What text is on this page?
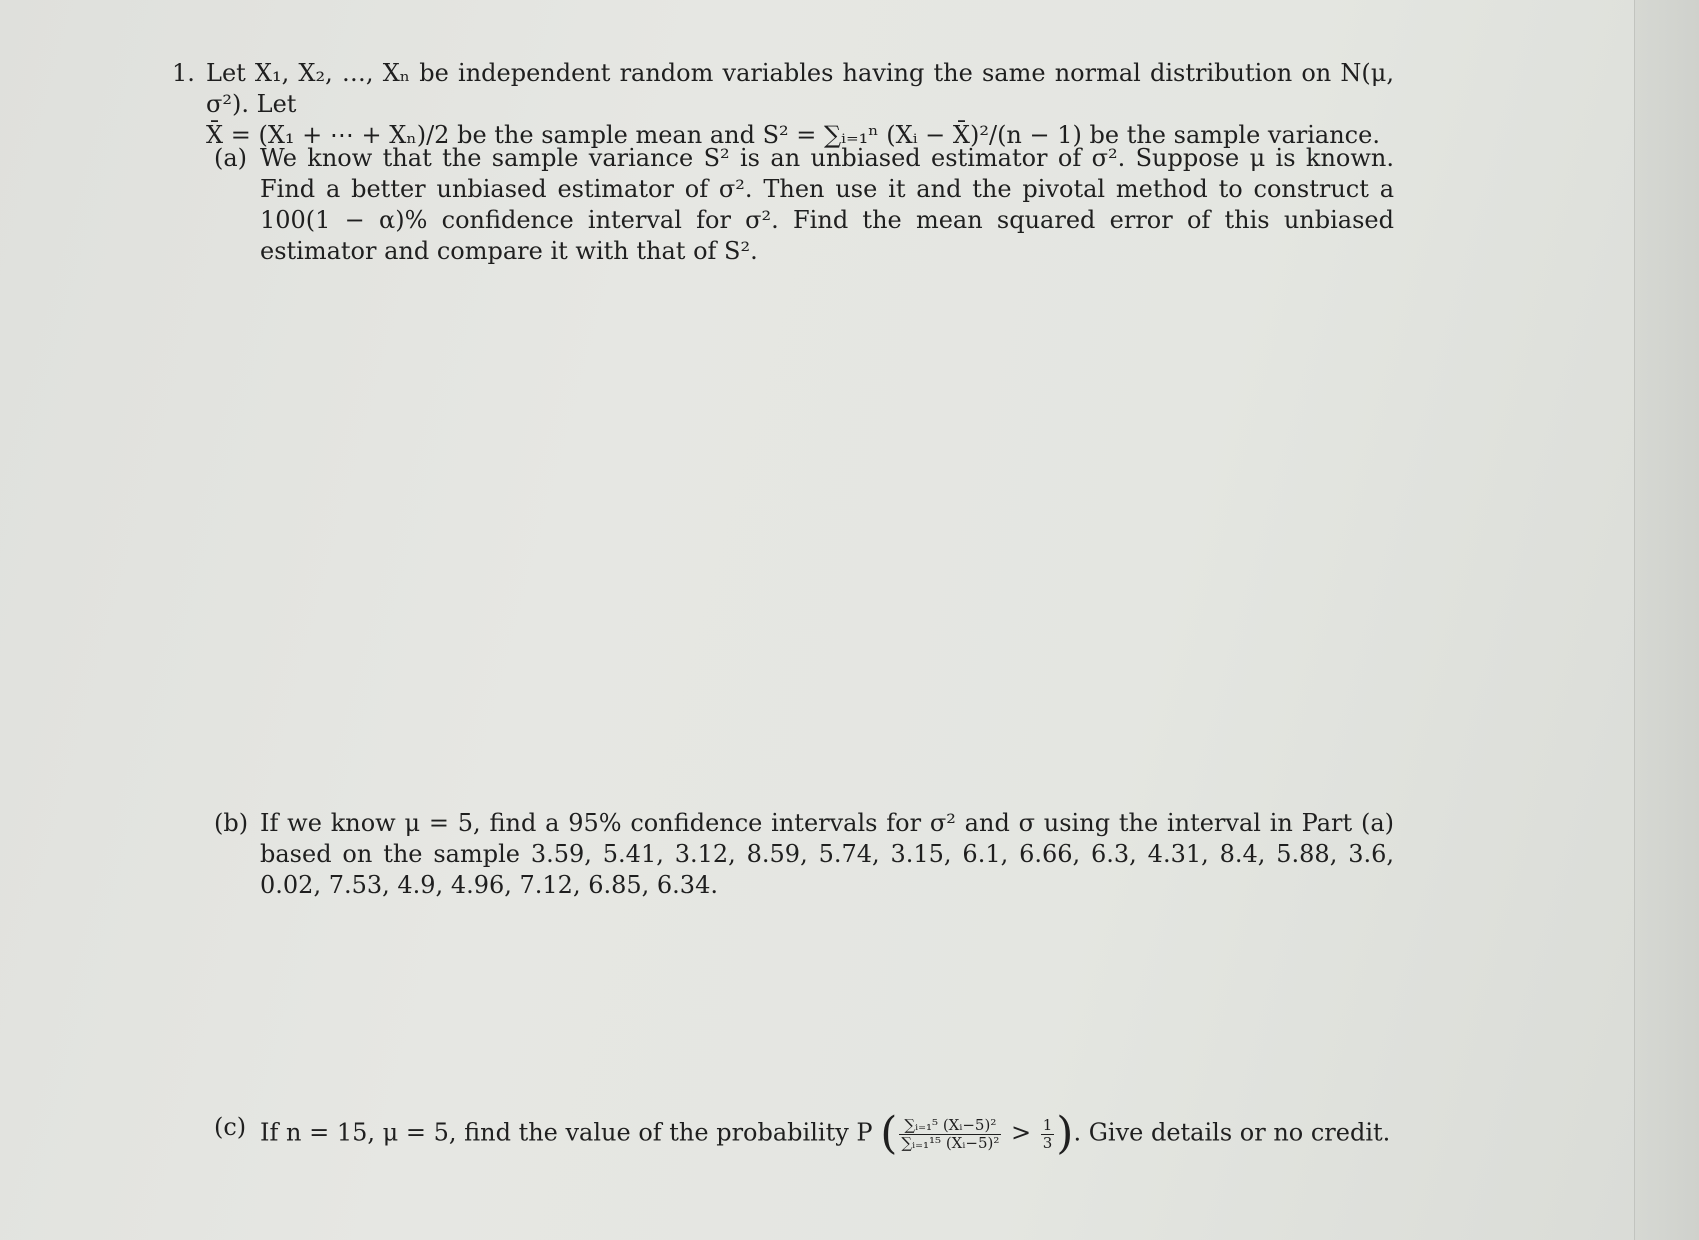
1. Let X₁, X₂, …, Xₙ be independent random variables having the same normal distribution on N(μ, σ²). Let
X̄ = (X₁ + ⋯ + Xₙ)/2 be the sample mean and S² = ∑ᵢ₌₁ⁿ (Xᵢ − X̄)²/(n − 1) be the sample variance.
(a) We know that the sample variance S² is an unbiased estimator of σ². Suppose μ is known. Find a better unbiased estimator of σ². Then use it and the pivotal method to construct a 100(1 − α)% confidence interval for σ². Find the mean squared error of this unbiased estimator and compare it with that of S².
(b) If we know μ = 5, find a 95% confidence intervals for σ² and σ using the interval in Part (a) based on the sample 3.59, 5.41, 3.12, 8.59, 5.74, 3.15, 6.1, 6.66, 6.3, 4.31, 8.4, 5.88, 3.6, 0.02, 7.53, 4.9, 4.96, 7.12, 6.85, 6.34.
(c) If n = 15, μ = 5, find the value of the probability P ( $\frac{\text{∑ᵢ₌₁⁵ (Xᵢ−5)²}}{\text{∑ᵢ₌₁¹⁵ (Xᵢ−5)²}} > \frac{1}{3}$ ). Give details or no credit.
